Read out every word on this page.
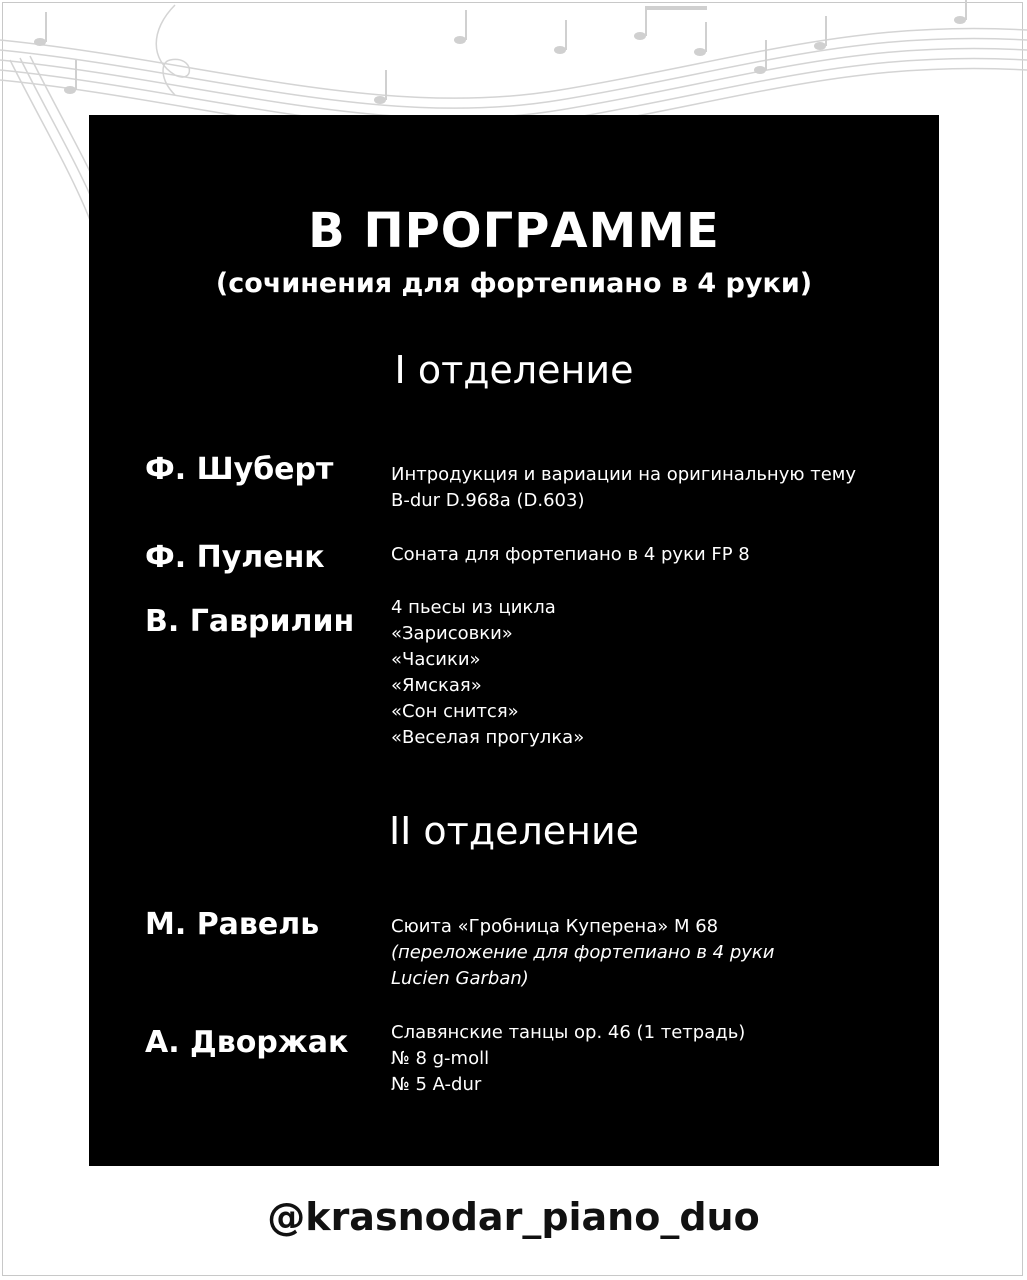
В ПРОГРАММЕ
(сочинения для фортепиано в 4 руки)
I отделение
Ф. Шуберт	Интродукция и вариации на оригинальную тему
B-dur D.968a (D.603)
Ф. Пуленк	Соната для фортепиано в 4 руки FP 8
В. Гаврилин 4 пьесы из цикла
«Зарисовки»
«Часики»
«Ямская»
«Сон снится»
«Веселая прогулка»
II отделение
М. Равель	Сюита «Гробница Куперена» M 68
(переложение для фортепиано в 4 руки
Lucien Garban)
А. Дворжак Славянские танцы op. 46 (1 тетрадь)
№ 8 g-moll
№ 5 A-dur
@krasnodar_piano_duo
